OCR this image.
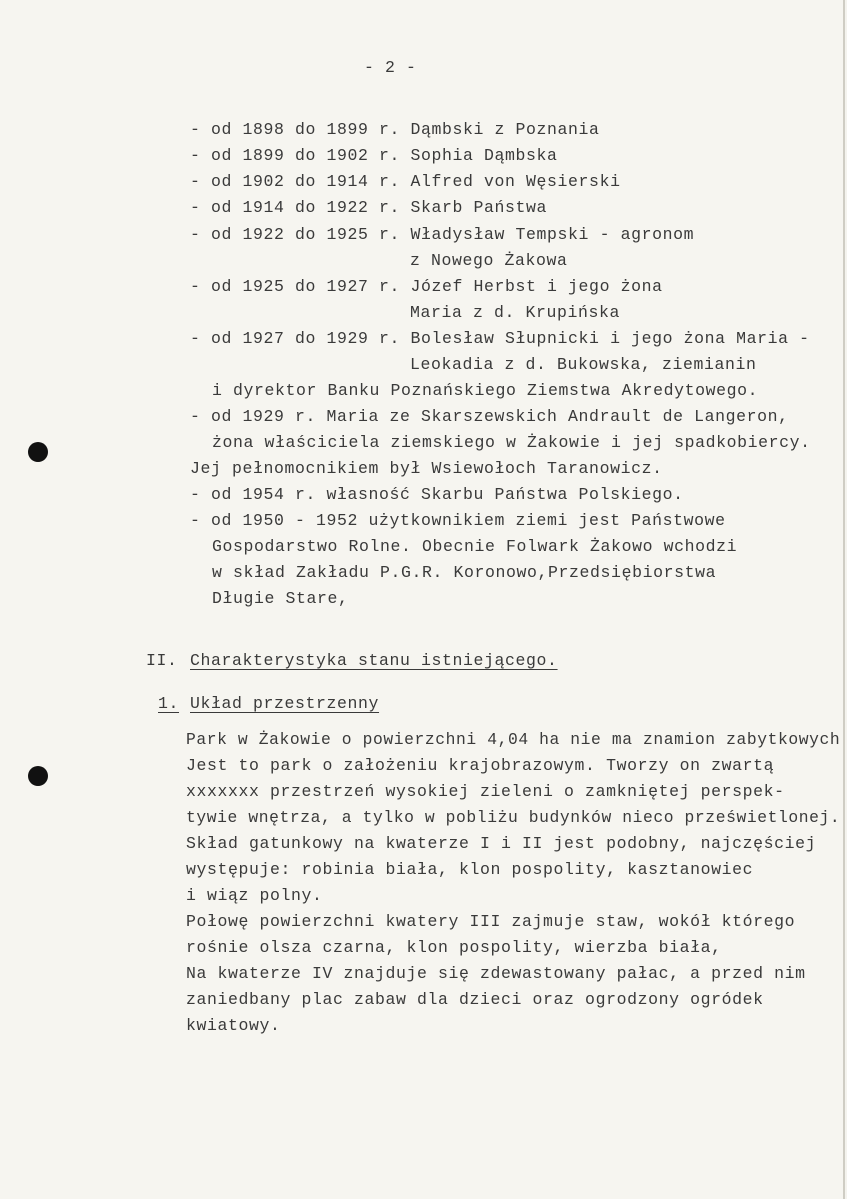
- 2 -
- od 1898 do 1899 r. Dąmbski z Poznania
- od 1899 do 1902 r. Sophia Dąmbska
- od 1902 do 1914 r. Alfred von Węsierski
- od 1914 do 1922 r. Skarb Państwa
- od 1922 do 1925 r. Władysław Tempski - agronom
z Nowego Żakowa
- od 1925 do 1927 r. Józef Herbst i jego żona
Maria z d. Krupińska
- od 1927 do 1929 r. Bolesław Słupnicki i jego żona Maria -
Leokadia z d. Bukowska, ziemianin
i dyrektor Banku Poznańskiego Ziemstwa Akredytowego.
- od 1929 r. Maria ze Skarszewskich Andrault de Langeron,
żona właściciela ziemskiego w Żakowie i jej spadkobiercy.
Jej pełnomocnikiem był Wsiewołoch Taranowicz.
- od 1954 r. własność Skarbu Państwa Polskiego.
- od 1950 - 1952 użytkownikiem ziemi jest Państwowe
Gospodarstwo Rolne. Obecnie Folwark Żakowo wchodzi
w skład Zakładu P.G.R. Koronowo,Przedsiębiorstwa
Długie Stare,
II. Charakterystyka stanu istniejącego.
1. Układ przestrzenny
Park w Żakowie o powierzchni 4,04 ha nie ma znamion zabytkowych
Jest to park o założeniu krajobrazowym. Tworzy on zwartą
xxxxxxx przestrzeń wysokiej zieleni o zamkniętej perspek-
tywie wnętrza, a tylko w pobliżu budynków nieco prześwietlonej.
Skład gatunkowy na kwaterze I i II jest podobny, najczęściej
występuje: robinia biała, klon pospolity, kasztanowiec
i wiąz polny.
Połowę powierzchni kwatery III zajmuje staw, wokół którego
rośnie olsza czarna, klon pospolity, wierzba biała,
Na kwaterze IV znajduje się zdewastowany pałac, a przed nim
zaniedbany plac zabaw dla dzieci oraz ogrodzony ogródek
kwiatowy.
